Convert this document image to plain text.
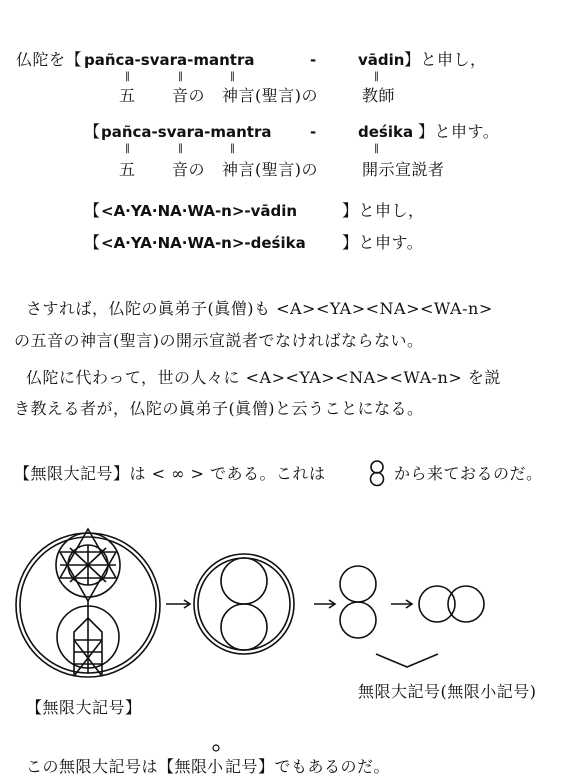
仏陀を【 pañca-svara-mantra	-	vādin 】と申し，
‖	‖	‖	‖
五 音の 神言(聖言)の	教師
【 pañca-svara-mantra	-	deśika 】と申す。
‖	‖	‖	‖
五 音の 神言(聖言)の	開示宣説者
【 <A·YA·NA·WA-n>-vādin	】と申し，
【 <A·YA·NA·WA-n>-deśika 】と申す。
さすれば，仏陀の眞弟子(眞僧)も <A><YA><NA><WA-n>
の五音の神言(聖言)の開示宣説者でなければならない。
仏陀に代わって，世の人々に <A><YA><NA><WA-n> を説
き教える者が，仏陀の眞弟子(眞僧)と云うことになる。
【無限大記号】は < ∞ > である。これは	から来ておるのだ。
【無限大記号】
無限大記号(無限小記号)
この無限大記号は【無限 小 記号】でもあるのだ。
